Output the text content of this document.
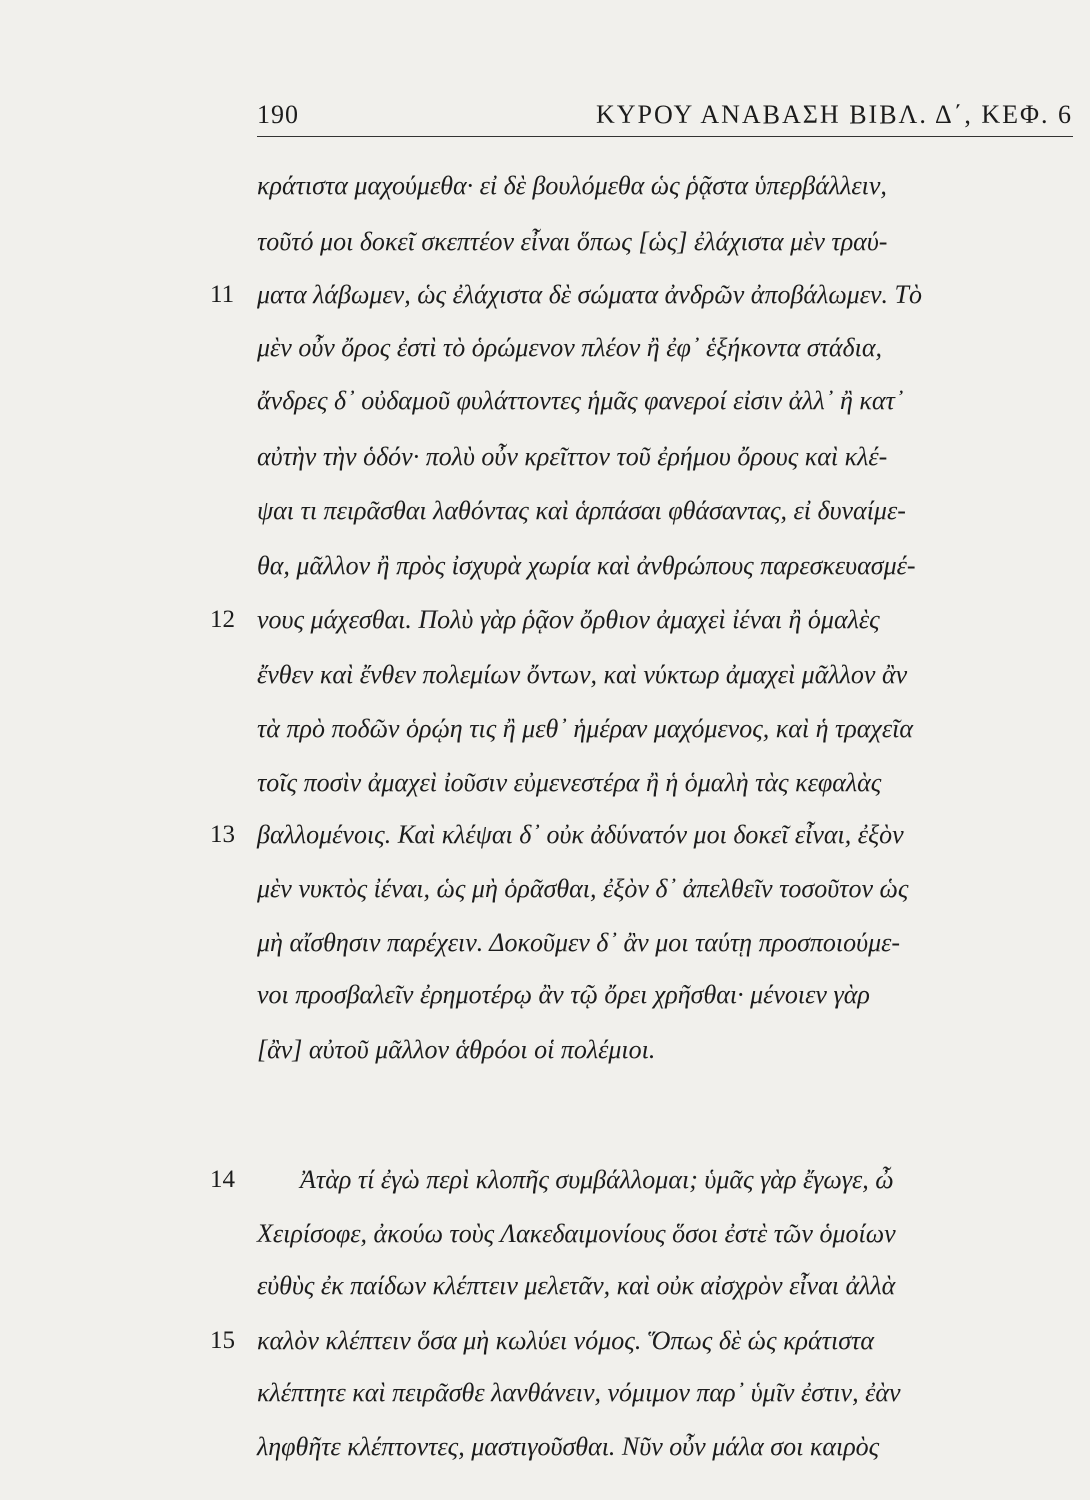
190	ΚΥΡΟΥ ΑΝΑΒΑΣΗ ΒΙΒΛ. Δ΄, ΚΕΦ. 6
κράτιστα μαχούμεθα· εἰ δὲ βουλόμεθα ὡς ῥᾷστα ὑπερβάλλειν,
τοῦτό μοι δοκεῖ σκεπτέον εἶναι ὅπως [ὡς] ἐλάχιστα μὲν τραύ-
ματα λάβωμεν, ὡς ἐλάχιστα δὲ σώματα ἀνδρῶν ἀποβάλωμεν. Τὸ
μὲν οὖν ὄρος ἐστὶ τὸ ὁρώμενον πλέον ἢ ἐφ᾽ ἑξήκοντα στάδια,
ἄνδρες δ᾽ οὐδαμοῦ φυλάττοντες ἡμᾶς φανεροί εἰσιν ἀλλ᾽ ἢ κατ᾽
αὐτὴν τὴν ὁδόν· πολὺ οὖν κρεῖττον τοῦ ἐρήμου ὄρους καὶ κλέ-
ψαι τι πειρᾶσθαι λαθόντας καὶ ἁρπάσαι φθάσαντας, εἰ δυναίμε-
θα, μᾶλλον ἢ πρὸς ἰσχυρὰ χωρία καὶ ἀνθρώπους παρεσκευασμέ-
νους μάχεσθαι. Πολὺ γὰρ ῥᾷον ὄρθιον ἀμαχεὶ ἰέναι ἢ ὁμαλὲς
ἔνθεν καὶ ἔνθεν πολεμίων ὄντων, καὶ νύκτωρ ἀμαχεὶ μᾶλλον ἂν
τὰ πρὸ ποδῶν ὁρῴη τις ἢ μεθ᾽ ἡμέραν μαχόμενος, καὶ ἡ τραχεῖα
τοῖς ποσὶν ἀμαχεὶ ἰοῦσιν εὐμενεστέρα ἢ ἡ ὁμαλὴ τὰς κεφαλὰς
βαλλομένοις. Καὶ κλέψαι δ᾽ οὐκ ἀδύνατόν μοι δοκεῖ εἶναι, ἐξὸν
μὲν νυκτὸς ἰέναι, ὡς μὴ ὁρᾶσθαι, ἐξὸν δ᾽ ἀπελθεῖν τοσοῦτον ὡς
μὴ αἴσθησιν παρέχειν. Δοκοῦμεν δ᾽ ἂν μοι ταύτῃ προσποιούμε-
νοι προσβαλεῖν ἐρημοτέρῳ ἂν τῷ ὄρει χρῆσθαι· μένοιεν γὰρ
[ἂν] αὐτοῦ μᾶλλον ἁθρόοι οἱ πολέμιοι.
Ἀτὰρ τί ἐγὼ περὶ κλοπῆς συμβάλλομαι; ὑμᾶς γὰρ ἔγωγε, ὦ
Χειρίσοφε, ἀκούω τοὺς Λακεδαιμονίους ὅσοι ἐστὲ τῶν ὁμοίων
εὐθὺς ἐκ παίδων κλέπτειν μελετᾶν, καὶ οὐκ αἰσχρὸν εἶναι ἀλλὰ
καλὸν κλέπτειν ὅσα μὴ κωλύει νόμος. Ὅπως δὲ ὡς κράτιστα
κλέπτητε καὶ πειρᾶσθε λανθάνειν, νόμιμον παρ᾽ ὑμῖν ἐστιν, ἐὰν
ληφθῆτε κλέπτοντες, μαστιγοῦσθαι. Νῦν οὖν μάλα σοι καιρὸς
11
12
13
14
15
